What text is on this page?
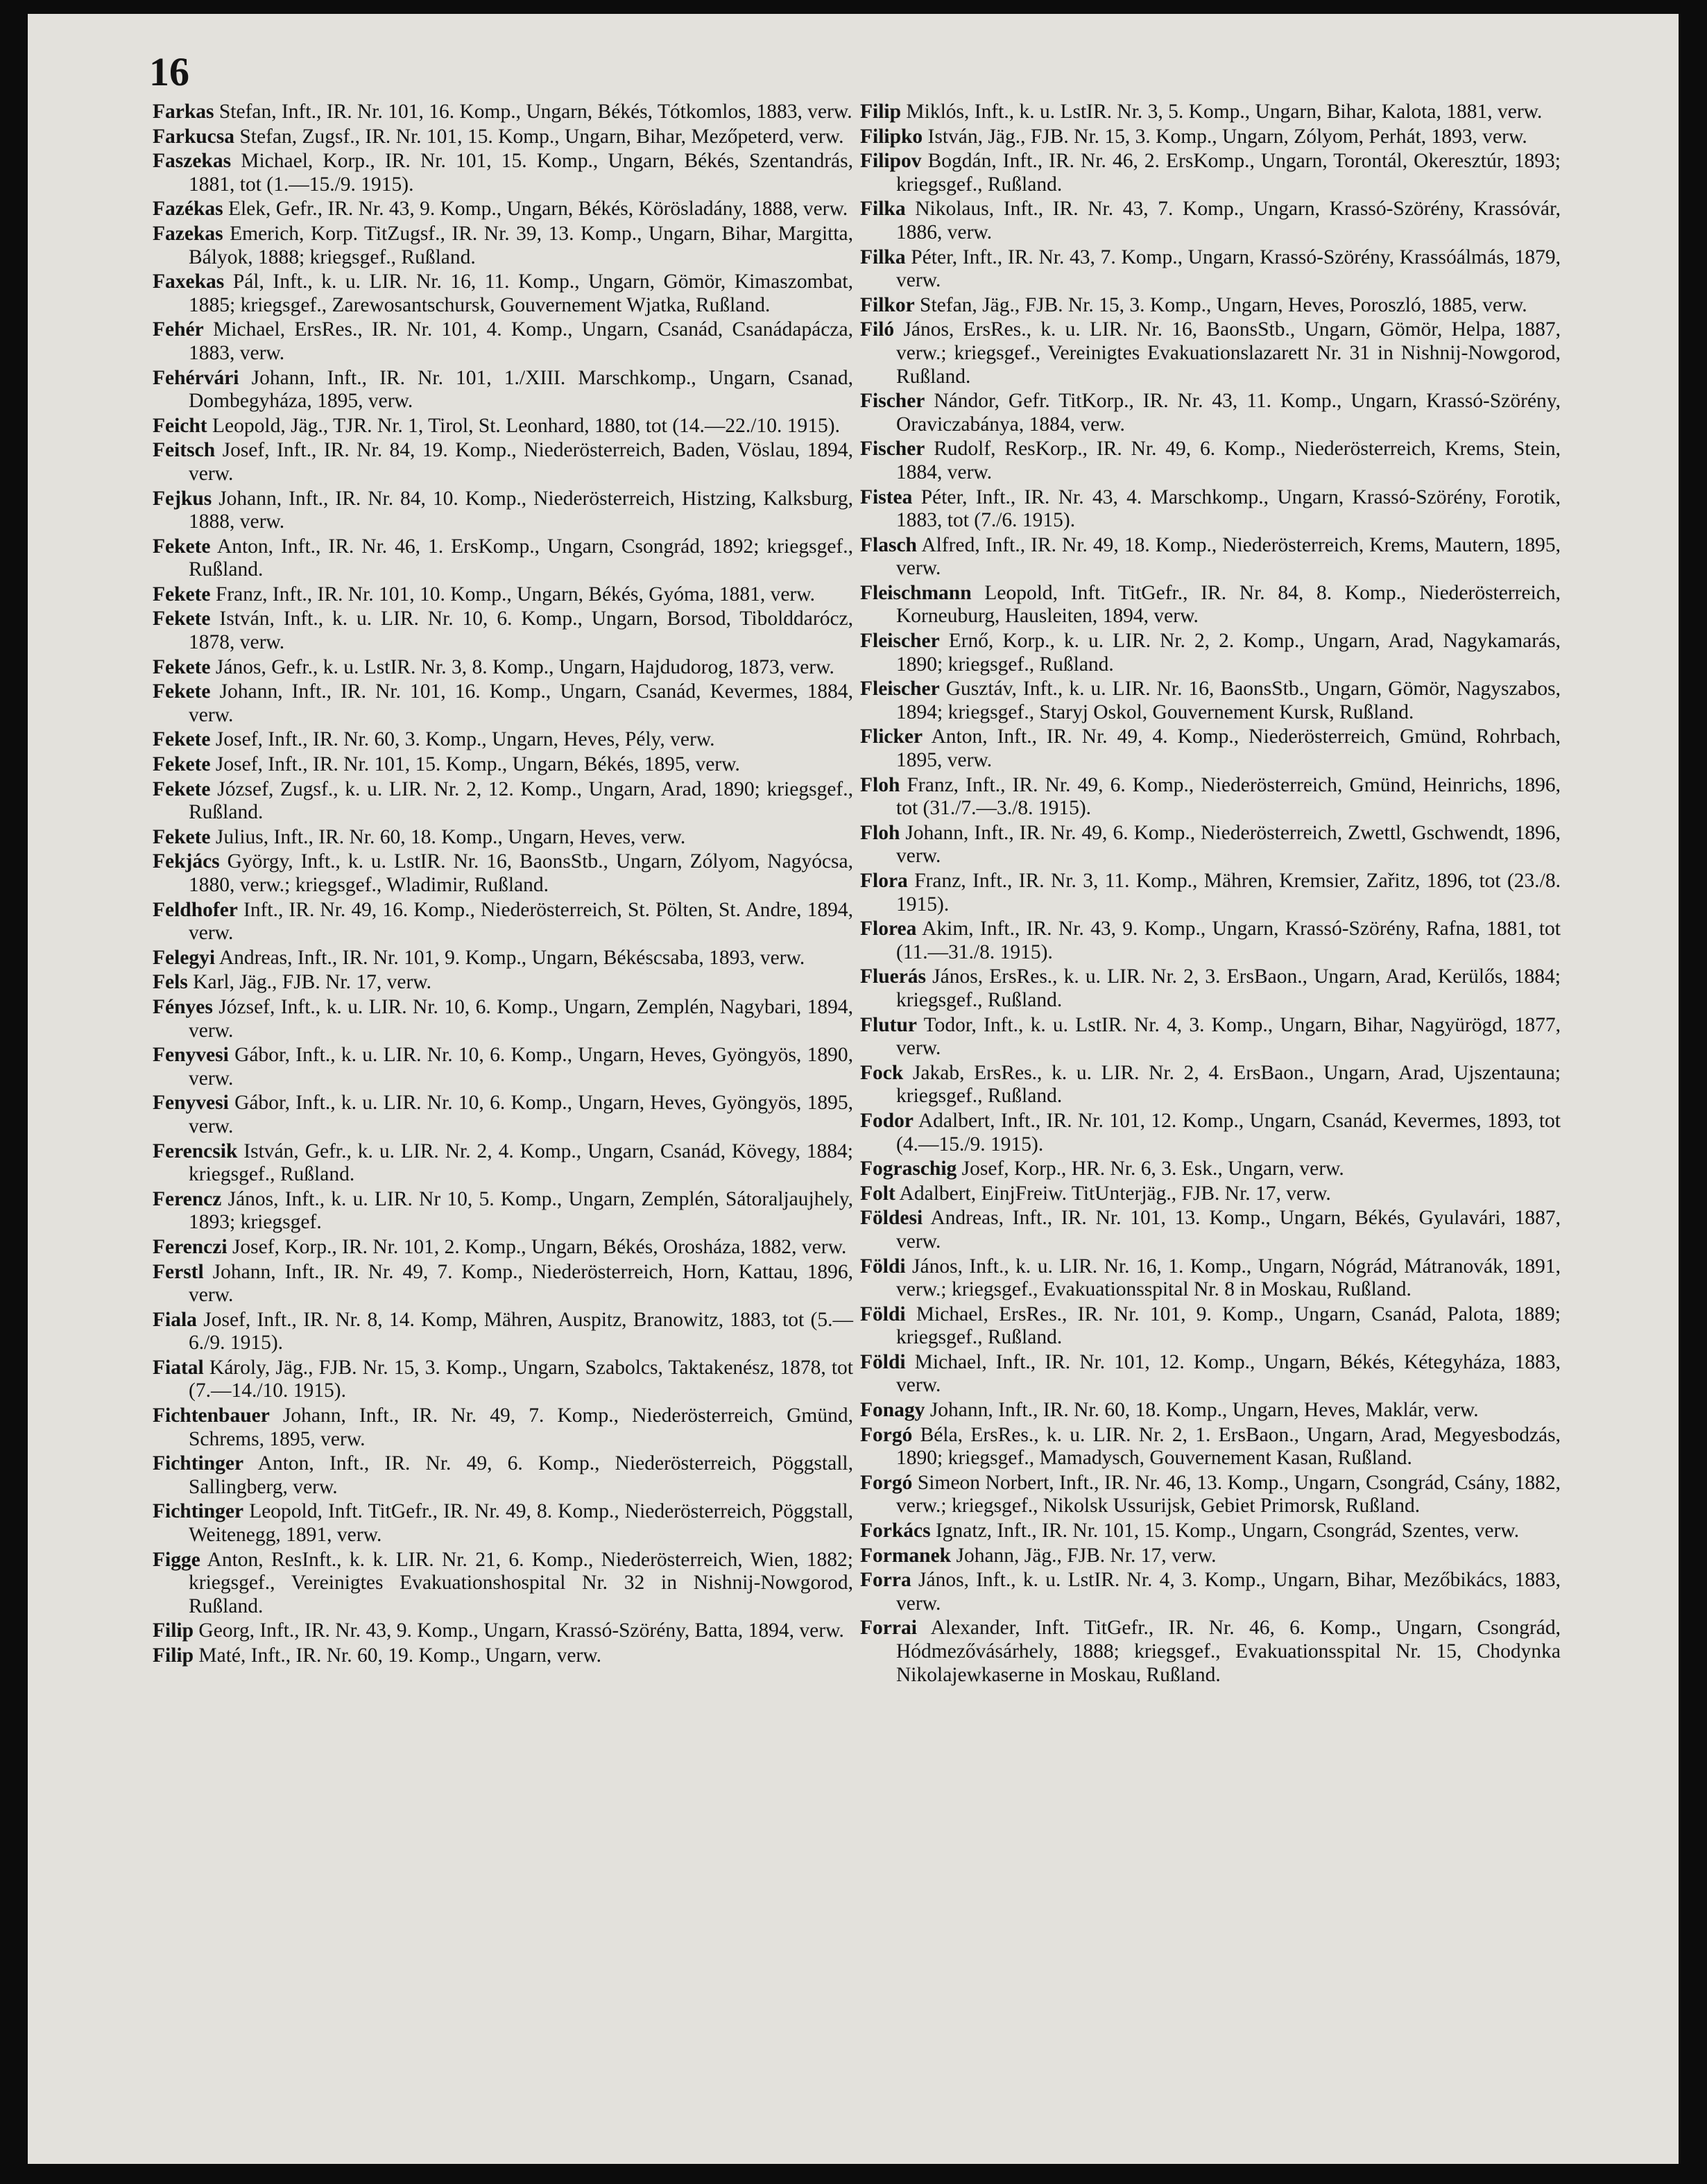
16

Farkas Stefan, Inft., IR. Nr. 101, 16. Komp., Ungarn, Békés, Tótkomlos, 1883, verw.

Farkucsa Stefan, Zugsf., IR. Nr. 101, 15. Komp., Ungarn, Bihar, Mezőpeterd, verw.

Faszekas Michael, Korp., IR. Nr. 101, 15. Komp., Ungarn, Békés, Szentandrás, 1881, tot (1.—15./9. 1915).

Fazékas Elek, Gefr., IR. Nr. 43, 9. Komp., Ungarn, Békés, Körösladány, 1888, verw.

Fazekas Emerich, Korp. TitZugsf., IR. Nr. 39, 13. Komp., Ungarn, Bihar, Margitta, Bályok, 1888; kriegsgef., Rußland.

Faxekas Pál, Inft., k. u. LIR. Nr. 16, 11. Komp., Ungarn, Gömör, Kimaszombat, 1885; kriegsgef., Zarewosantschursk, Gouvernement Wjatka, Rußland.

Fehér Michael, ErsRes., IR. Nr. 101, 4. Komp., Ungarn, Csanád, Csanádapácza, 1883, verw.

Fehérvári Johann, Inft., IR. Nr. 101, 1./XIII. Marschkomp., Ungarn, Csanad, Dombegyháza, 1895, verw.

Feicht Leopold, Jäg., TJR. Nr. 1, Tirol, St. Leonhard, 1880, tot (14.—22./10. 1915).

Feitsch Josef, Inft., IR. Nr. 84, 19. Komp., Niederösterreich, Baden, Vöslau, 1894, verw.

Fejkus Johann, Inft., IR. Nr. 84, 10. Komp., Niederösterreich, Histzing, Kalksburg, 1888, verw.

Fekete Anton, Inft., IR. Nr. 46, 1. ErsKomp., Ungarn, Csongrád, 1892; kriegsgef., Rußland.

Fekete Franz, Inft., IR. Nr. 101, 10. Komp., Ungarn, Békés, Gyóma, 1881, verw.

Fekete István, Inft., k. u. LIR. Nr. 10, 6. Komp., Ungarn, Borsod, Tibolddarócz, 1878, verw.

Fekete János, Gefr., k. u. LstIR. Nr. 3, 8. Komp., Ungarn, Hajdudorog, 1873, verw.

Fekete Johann, Inft., IR. Nr. 101, 16. Komp., Ungarn, Csanád, Kevermes, 1884, verw.

Fekete Josef, Inft., IR. Nr. 60, 3. Komp., Ungarn, Heves, Pély, verw.

Fekete Josef, Inft., IR. Nr. 101, 15. Komp., Ungarn, Békés, 1895, verw.

Fekete József, Zugsf., k. u. LIR. Nr. 2, 12. Komp., Ungarn, Arad, 1890; kriegsgef., Rußland.

Fekete Julius, Inft., IR. Nr. 60, 18. Komp., Ungarn, Heves, verw.

Fekjács György, Inft., k. u. LstIR. Nr. 16, BaonsStb., Ungarn, Zólyom, Nagyócsa, 1880, verw.; kriegsgef., Wladimir, Rußland.

Feldhofer Inft., IR. Nr. 49, 16. Komp., Niederösterreich, St. Pölten, St. Andre, 1894, verw.

Felegyi Andreas, Inft., IR. Nr. 101, 9. Komp., Ungarn, Békéscsaba, 1893, verw.

Fels Karl, Jäg., FJB. Nr. 17, verw.

Fényes József, Inft., k. u. LIR. Nr. 10, 6. Komp., Ungarn, Zemplén, Nagybari, 1894, verw.

Fenyvesi Gábor, Inft., k. u. LIR. Nr. 10, 6. Komp., Ungarn, Heves, Gyöngyös, 1890, verw.

Fenyvesi Gábor, Inft., k. u. LIR. Nr. 10, 6. Komp., Ungarn, Heves, Gyöngyös, 1895, verw.

Ferencsik István, Gefr., k. u. LIR. Nr. 2, 4. Komp., Ungarn, Csanád, Kövegy, 1884; kriegsgef., Rußland.

Ferencz János, Inft., k. u. LIR. Nr 10, 5. Komp., Ungarn, Zemplén, Sátoraljaujhely, 1893; kriegsgef.

Ferenczi Josef, Korp., IR. Nr. 101, 2. Komp., Ungarn, Békés, Orosháza, 1882, verw.

Ferstl Johann, Inft., IR. Nr. 49, 7. Komp., Niederösterreich, Horn, Kattau, 1896, verw.

Fiala Josef, Inft., IR. Nr. 8, 14. Komp, Mähren, Auspitz, Branowitz, 1883, tot (5.—6./9. 1915).

Fiatal Károly, Jäg., FJB. Nr. 15, 3. Komp., Ungarn, Szabolcs, Taktakenész, 1878, tot (7.—14./10. 1915).

Fichtenbauer Johann, Inft., IR. Nr. 49, 7. Komp., Niederösterreich, Gmünd, Schrems, 1895, verw.

Fichtinger Anton, Inft., IR. Nr. 49, 6. Komp., Niederösterreich, Pöggstall, Sallingberg, verw.

Fichtinger Leopold, Inft. TitGefr., IR. Nr. 49, 8. Komp., Niederösterreich, Pöggstall, Weitenegg, 1891, verw.

Figge Anton, ResInft., k. k. LIR. Nr. 21, 6. Komp., Niederösterreich, Wien, 1882; kriegsgef., Vereinigtes Evakuationshospital Nr. 32 in Nishnij-Nowgorod, Rußland.

Filip Georg, Inft., IR. Nr. 43, 9. Komp., Ungarn, Krassó-Szörény, Batta, 1894, verw.

Filip Maté, Inft., IR. Nr. 60, 19. Komp., Ungarn, verw.

Filip Miklós, Inft., k. u. LstIR. Nr. 3, 5. Komp., Ungarn, Bihar, Kalota, 1881, verw.

Filipko István, Jäg., FJB. Nr. 15, 3. Komp., Ungarn, Zólyom, Perhát, 1893, verw.

Filipov Bogdán, Inft., IR. Nr. 46, 2. ErsKomp., Ungarn, Torontál, Okeresztúr, 1893; kriegsgef., Rußland.

Filka Nikolaus, Inft., IR. Nr. 43, 7. Komp., Ungarn, Krassó-Szörény, Krassóvár, 1886, verw.

Filka Péter, Inft., IR. Nr. 43, 7. Komp., Ungarn, Krassó-Szörény, Krassóálmás, 1879, verw.

Filkor Stefan, Jäg., FJB. Nr. 15, 3. Komp., Ungarn, Heves, Poroszló, 1885, verw.

Filó János, ErsRes., k. u. LIR. Nr. 16, BaonsStb., Ungarn, Gömör, Helpa, 1887, verw.; kriegsgef., Vereinigtes Evakuationslazarett Nr. 31 in Nishnij-Nowgorod, Rußland.

Fischer Nándor, Gefr. TitKorp., IR. Nr. 43, 11. Komp., Ungarn, Krassó-Szörény, Oraviczabánya, 1884, verw.

Fischer Rudolf, ResKorp., IR. Nr. 49, 6. Komp., Niederösterreich, Krems, Stein, 1884, verw.

Fistea Péter, Inft., IR. Nr. 43, 4. Marschkomp., Ungarn, Krassó-Szörény, Forotik, 1883, tot (7./6. 1915).

Flasch Alfred, Inft., IR. Nr. 49, 18. Komp., Niederösterreich, Krems, Mautern, 1895, verw.

Fleischmann Leopold, Inft. TitGefr., IR. Nr. 84, 8. Komp., Niederösterreich, Korneuburg, Hausleiten, 1894, verw.

Fleischer Ernő, Korp., k. u. LIR. Nr. 2, 2. Komp., Ungarn, Arad, Nagykamarás, 1890; kriegsgef., Rußland.

Fleischer Gusztáv, Inft., k. u. LIR. Nr. 16, BaonsStb., Ungarn, Gömör, Nagyszabos, 1894; kriegsgef., Staryj Oskol, Gouvernement Kursk, Rußland.

Flicker Anton, Inft., IR. Nr. 49, 4. Komp., Niederösterreich, Gmünd, Rohrbach, 1895, verw.

Floh Franz, Inft., IR. Nr. 49, 6. Komp., Niederösterreich, Gmünd, Heinrichs, 1896, tot (31./7.—3./8. 1915).

Floh Johann, Inft., IR. Nr. 49, 6. Komp., Niederösterreich, Zwettl, Gschwendt, 1896, verw.

Flora Franz, Inft., IR. Nr. 3, 11. Komp., Mähren, Kremsier, Zařitz, 1896, tot (23./8. 1915).

Florea Akim, Inft., IR. Nr. 43, 9. Komp., Ungarn, Krassó-Szörény, Rafna, 1881, tot (11.—31./8. 1915).

Fluerás János, ErsRes., k. u. LIR. Nr. 2, 3. ErsBaon., Ungarn, Arad, Kerülős, 1884; kriegsgef., Rußland.

Flutur Todor, Inft., k. u. LstIR. Nr. 4, 3. Komp., Ungarn, Bihar, Nagyürögd, 1877, verw.

Fock Jakab, ErsRes., k. u. LIR. Nr. 2, 4. ErsBaon., Ungarn, Arad, Ujszentauna; kriegsgef., Rußland.

Fodor Adalbert, Inft., IR. Nr. 101, 12. Komp., Ungarn, Csanád, Kevermes, 1893, tot (4.—15./9. 1915).

Fograschig Josef, Korp., HR. Nr. 6, 3. Esk., Ungarn, verw.

Folt Adalbert, EinjFreiw. TitUnterjäg., FJB. Nr. 17, verw.

Földesi Andreas, Inft., IR. Nr. 101, 13. Komp., Ungarn, Békés, Gyulavári, 1887, verw.

Földi János, Inft., k. u. LIR. Nr. 16, 1. Komp., Ungarn, Nógrád, Mátranovák, 1891, verw.; kriegsgef., Evakuationsspital Nr. 8 in Moskau, Rußland.

Földi Michael, ErsRes., IR. Nr. 101, 9. Komp., Ungarn, Csanád, Palota, 1889; kriegsgef., Rußland.

Földi Michael, Inft., IR. Nr. 101, 12. Komp., Ungarn, Békés, Kétegyháza, 1883, verw.

Fonagy Johann, Inft., IR. Nr. 60, 18. Komp., Ungarn, Heves, Maklár, verw.

Forgó Béla, ErsRes., k. u. LIR. Nr. 2, 1. ErsBaon., Ungarn, Arad, Megyesbodzás, 1890; kriegsgef., Mamadysch, Gouvernement Kasan, Rußland.

Forgó Simeon Norbert, Inft., IR. Nr. 46, 13. Komp., Ungarn, Csongrád, Csány, 1882, verw.; kriegsgef., Nikolsk Ussurijsk, Gebiet Primorsk, Rußland.

Forkács Ignatz, Inft., IR. Nr. 101, 15. Komp., Ungarn, Csongrád, Szentes, verw.

Formanek Johann, Jäg., FJB. Nr. 17, verw.

Forra János, Inft., k. u. LstIR. Nr. 4, 3. Komp., Ungarn, Bihar, Mezőbikács, 1883, verw.

Forrai Alexander, Inft. TitGefr., IR. Nr. 46, 6. Komp., Ungarn, Csongrád, Hódmezővásárhely, 1888; kriegsgef., Evakuationsspital Nr. 15, Chodynka Nikolajewkaserne in Moskau, Rußland.
